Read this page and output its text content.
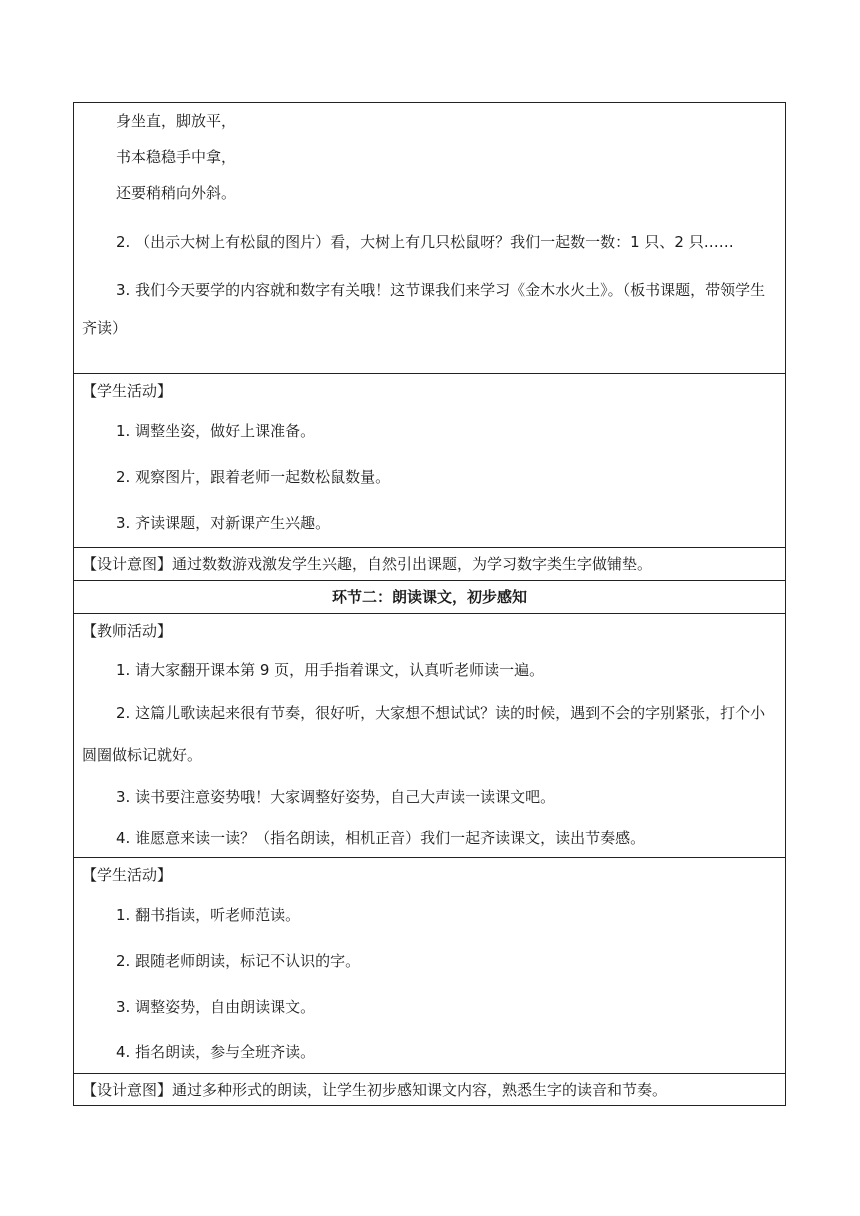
身坐直，脚放平，
书本稳稳手中拿，
还要稍稍向外斜。
2. （出示大树上有松鼠的图片）看，大树上有几只松鼠呀？我们一起数一数：1 只、2 只……
3. 我们今天要学的内容就和数字有关哦！这节课我们来学习《金木水火土》。（板书课题，带领学生齐读）
【学生活动】
1. 调整坐姿，做好上课准备。
2. 观察图片，跟着老师一起数松鼠数量。
3. 齐读课题，对新课产生兴趣。
【设计意图】通过数数游戏激发学生兴趣，自然引出课题，为学习数字类生字做铺垫。
环节二：朗读课文，初步感知
【教师活动】
1. 请大家翻开课本第 9 页，用手指着课文，认真听老师读一遍。
2. 这篇儿歌读起来很有节奏，很好听，大家想不想试试？读的时候，遇到不会的字别紧张，打个小圆圈做标记就好。
3. 读书要注意姿势哦！大家调整好姿势，自己大声读一读课文吧。
4. 谁愿意来读一读？（指名朗读，相机正音）我们一起齐读课文，读出节奏感。
【学生活动】
1. 翻书指读，听老师范读。
2. 跟随老师朗读，标记不认识的字。
3. 调整姿势，自由朗读课文。
4. 指名朗读，参与全班齐读。
【设计意图】通过多种形式的朗读，让学生初步感知课文内容，熟悉生字的读音和节奏。
